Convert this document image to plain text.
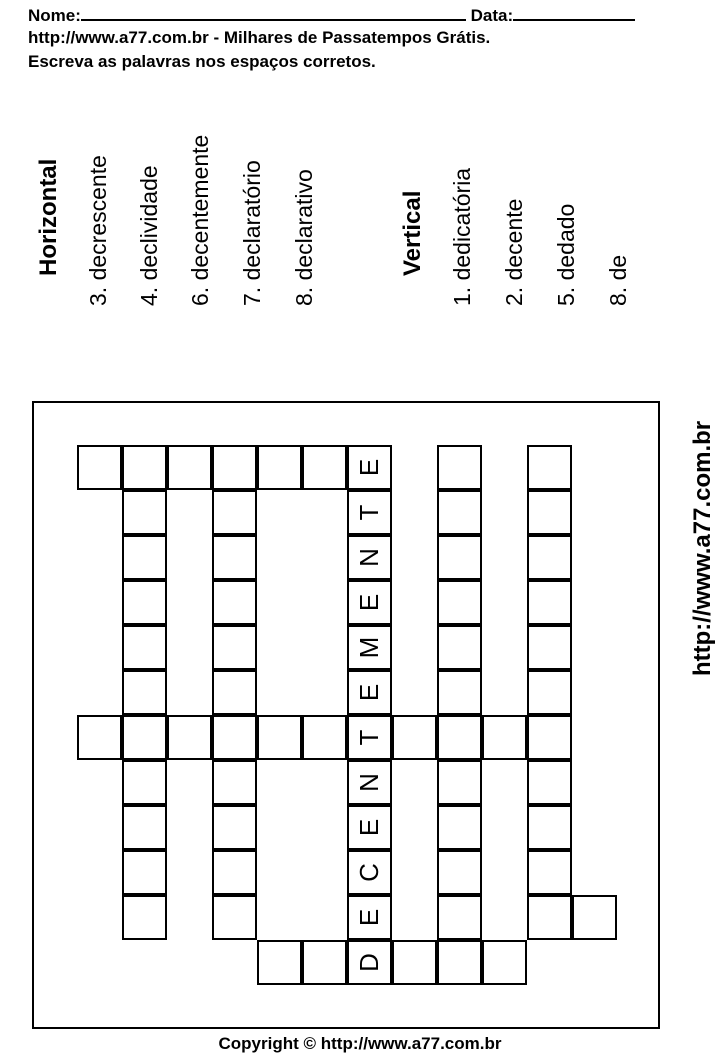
Nome:	Data:
http://www.a77.com.br - Milhares de Passatempos Grátis.
Escreva as palavras nos espaços corretos.
Horizontal 3. decrescente 4. declividade 6. decentemente 7. declaratório 8. declarativo	Vertical 1. dedicatória 2. decente 5. dedado 8. de
E
T
N
E
M
E
T
N
E
C
E
D
http://www.a77.com.br
Copyright © http://www.a77.com.br
